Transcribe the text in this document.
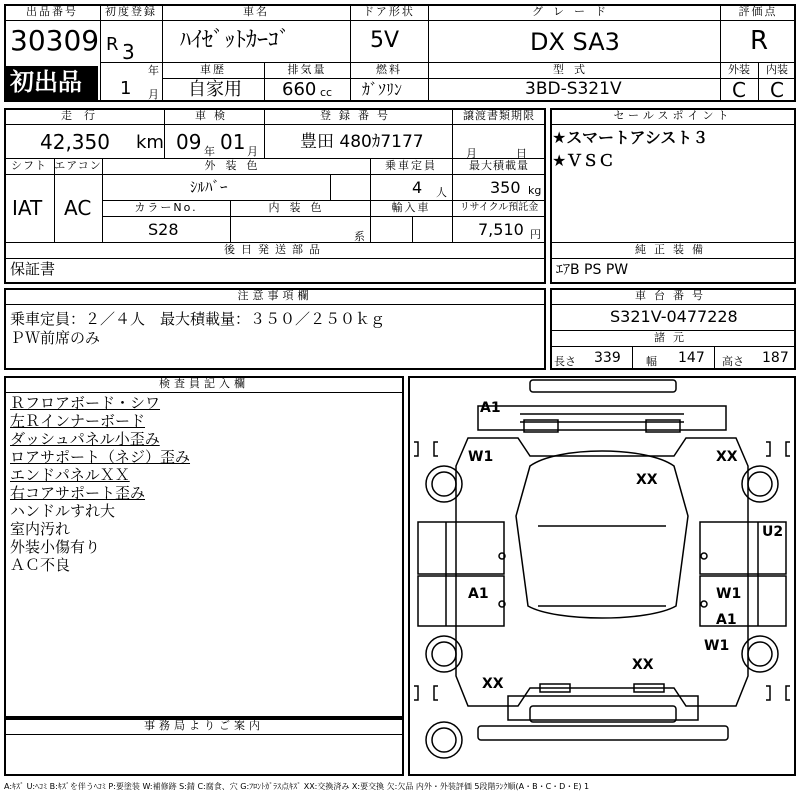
出品番号
30309
初出品
初度登録
R 3
年
1 月
車名
ﾊｲｾﾞｯﾄｶｰｺﾞ
ドア形状
5V
グレード
DX SA3
評価点
R
外装	内装
C C
車歴
自家用
排気量
660 cc
燃料
ｶﾞｿﾘﾝ
型式
3BD-S321V
走行
42,350 km
車検
09 年 01 月
登録番号
豊田 480ｶ7177
譲渡書類期限
月	日
シフト
IAT
エアコン
AC
外装色
ｼﾙﾊﾞｰ
乗車定員
4 人
最大積載量
350 kg
カラーNo.
S28
内装色
系
輸入車	リサイクル預託金
7,510 円
後日発送部品
保証書
セールスポイント
★スマートアシスト３
★ＶＳＣ
純正装備
ｴｱB PS PW
注意事項欄
乗車定員：２／４人　最大積載量：３５０／２５０ｋｇ
ＰＷ前席のみ
車台番号
S321V-0477228
諸元
長さ 339 幅 147 高さ 187
検査員記入欄
Ｒフロアボード・シワ
左Ｒインナーボード
ダッシュパネル小歪み
ロアサポート（ネジ）歪み
エンドパネルＸＸ
右コアサポート歪み
ハンドルすれ大
室内汚れ
外装小傷有り
ＡＣ不良
事務局よりご案内
A1
W1	XX
XX
U2
A1	W1
A1
W1
XX
XX
A:ｷｽﾞ U:ﾍｺﾐ B:ｷｽﾞを伴うﾍｺﾐ P:要塗装 W:補修跡 S:錆 C:腐食、穴 G:ﾌﾛﾝﾄｶﾞﾗｽ点ｷｽﾞ XX:交換済み X:要交換 欠:欠品 内外・外装評価 5段階ﾗﾝｸ順(A・B・C・D・E) 1
